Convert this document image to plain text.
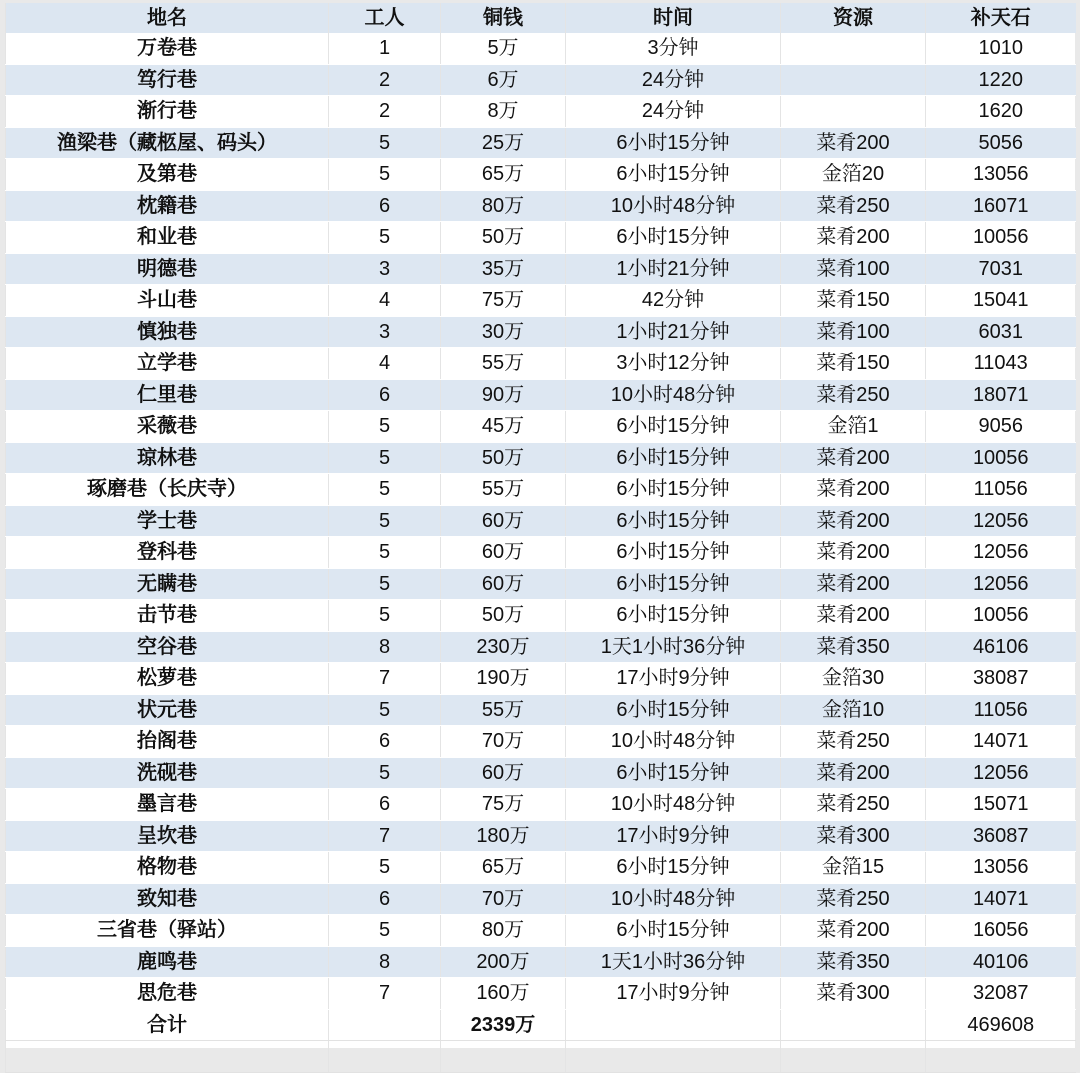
地名	工人	铜钱	时间	资源	补天石
万卷巷	1	5万	3分钟		1010
笃行巷	2	6万	24分钟		1220
渐行巷	2	8万	24分钟		1620
渔梁巷（藏柩屋、码头）	5	25万	6小时15分钟	菜肴200	5056
及第巷	5	65万	6小时15分钟	金箔20	13056
枕籍巷	6	80万	10小时48分钟	菜肴250	16071
和业巷	5	50万	6小时15分钟	菜肴200	10056
明德巷	3	35万	1小时21分钟	菜肴100	7031
斗山巷	4	75万	42分钟	菜肴150	15041
慎独巷	3	30万	1小时21分钟	菜肴100	6031
立学巷	4	55万	3小时12分钟	菜肴150	11043
仁里巷	6	90万	10小时48分钟	菜肴250	18071
采薇巷	5	45万	6小时15分钟	金箔1	9056
琼林巷	5	50万	6小时15分钟	菜肴200	10056
琢磨巷（长庆寺）	5	55万	6小时15分钟	菜肴200	11056
学士巷	5	60万	6小时15分钟	菜肴200	12056
登科巷	5	60万	6小时15分钟	菜肴200	12056
无瞒巷	5	60万	6小时15分钟	菜肴200	12056
击节巷	5	50万	6小时15分钟	菜肴200	10056
空谷巷	8	230万	1天1小时36分钟	菜肴350	46106
松萝巷	7	190万	17小时9分钟	金箔30	38087
状元巷	5	55万	6小时15分钟	金箔10	11056
抬阁巷	6	70万	10小时48分钟	菜肴250	14071
洗砚巷	5	60万	6小时15分钟	菜肴200	12056
墨言巷	6	75万	10小时48分钟	菜肴250	15071
呈坎巷	7	180万	17小时9分钟	菜肴300	36087
格物巷	5	65万	6小时15分钟	金箔15	13056
致知巷	6	70万	10小时48分钟	菜肴250	14071
三省巷（驿站）	5	80万	6小时15分钟	菜肴200	16056
鹿鸣巷	8	200万	1天1小时36分钟	菜肴350	40106
思危巷	7	160万	17小时9分钟	菜肴300	32087
合计		2339万			469608
